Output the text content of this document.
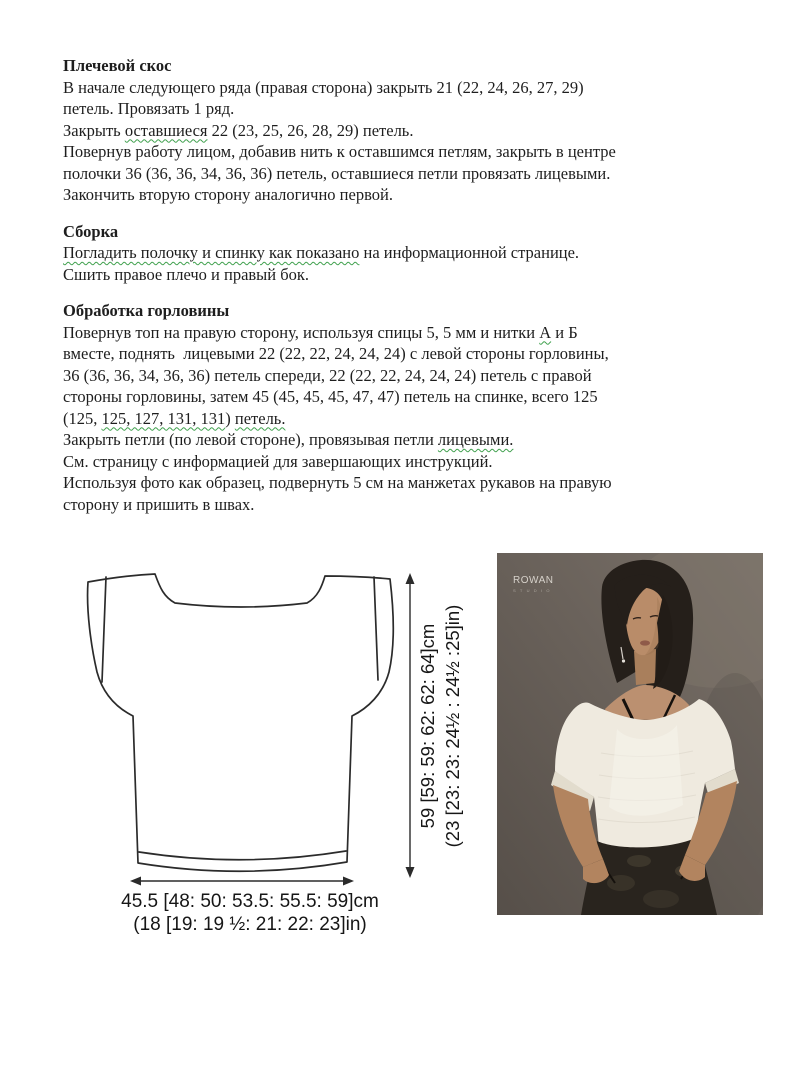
Плечевой скос
В начале следующего ряда (правая сторона) закрыть 21 (22, 24, 26, 27, 29)
петель. Провязать 1 ряд.
Закрыть оставшиеся 22 (23, 25, 26, 28, 29) петель.
Повернув работу лицом, добавив нить к оставшимся петлям, закрыть в центре
полочки 36 (36, 36, 34, 36, 36) петель, оставшиеся петли провязать лицевыми.
Закончить вторую сторону аналогично первой.
Сборка
Погладить полочку и спинку как показано на информационной странице.
Сшить правое плечо и правый бок.
Обработка горловины
Повернув топ на правую сторону, используя спицы 5, 5 мм и нитки А и Б
вместе, поднять  лицевыми 22 (22, 22, 24, 24, 24) с левой стороны горловины,
36 (36, 36, 34, 36, 36) петель спереди, 22 (22, 22, 24, 24, 24) петель с правой
стороны горловины, затем 45 (45, 45, 45, 47, 47) петель на спинке, всего 125
(125, 125, 127, 131, 131) петель.
Закрыть петли (по левой стороне), провязывая петли лицевыми.
См. страницу с информацией для завершающих инструкций.
Используя фото как образец, подвернуть 5 см на манжетах рукавов на правую
сторону и пришить в швах.
59 [59: 59: 62: 62: 64]cm (23 [23: 23: 24½ : 24½ :25]in)
45.5 [48: 50: 53.5: 55.5: 59]cm
(18 [19: 19 ½: 21: 22: 23]in)
ROWAN
S T U D I O
